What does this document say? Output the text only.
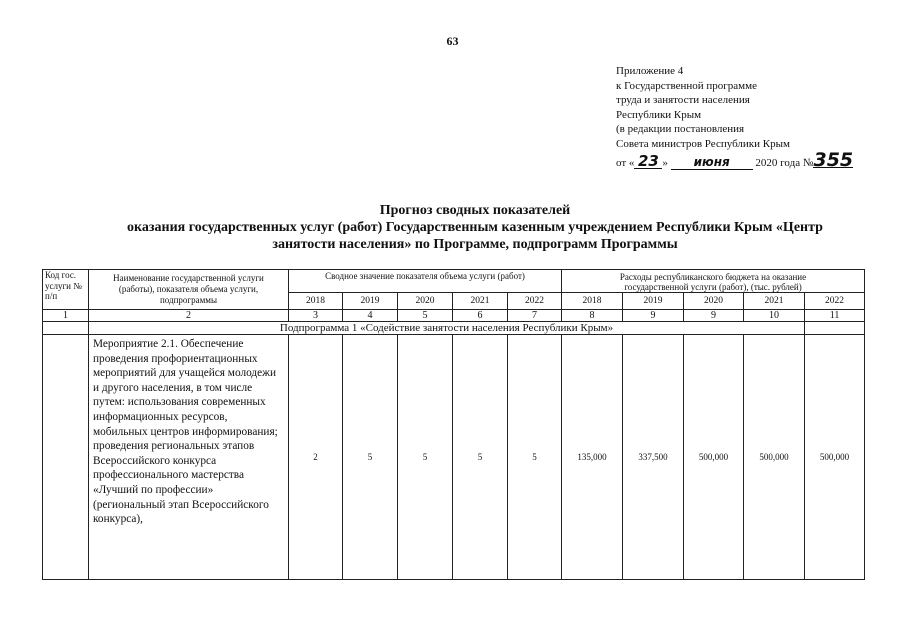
63
Приложение 4
к Государственной программе
труда и занятости населения
Республики Крым
(в редакции постановления
Совета министров Республики Крым
от « 23 » июня 2020 года №355
Прогноз сводных показателей
оказания государственных услуг (работ) Государственным казенным учреждением Республики Крым «Центр
занятости населения» по Программе, подпрограмм Программы
Код гос. услуги № п/п	Наименование государственной услуги (работы), показателя объема услуги, подпрограммы	Сводное значение показателя объема услуги (работ)					Расходы республиканского бюджета на оказание государственной услуги (работ), (тыс. рублей)				
		2018	2019	2020	2021	2022	2018	2019	2020	2021	2022
1	2	3	4	5	6	7	8	9	9	10	11
	Подпрограмма 1 «Содействие занятости населения Республики Крым»										
	Мероприятие 2.1. Обеспечение проведения профориентационных мероприятий для учащейся молодежи и другого населения, в том числе путем: использования современных информационных ресурсов, мобильных центров информирования; проведения региональных этапов Всероссийского конкурса профессионального мастерства «Лучший по профессии» (региональный этап Всероссийского конкурса),	2	5	5	5	5	135,000	337,500	500,000	500,000	500,000
